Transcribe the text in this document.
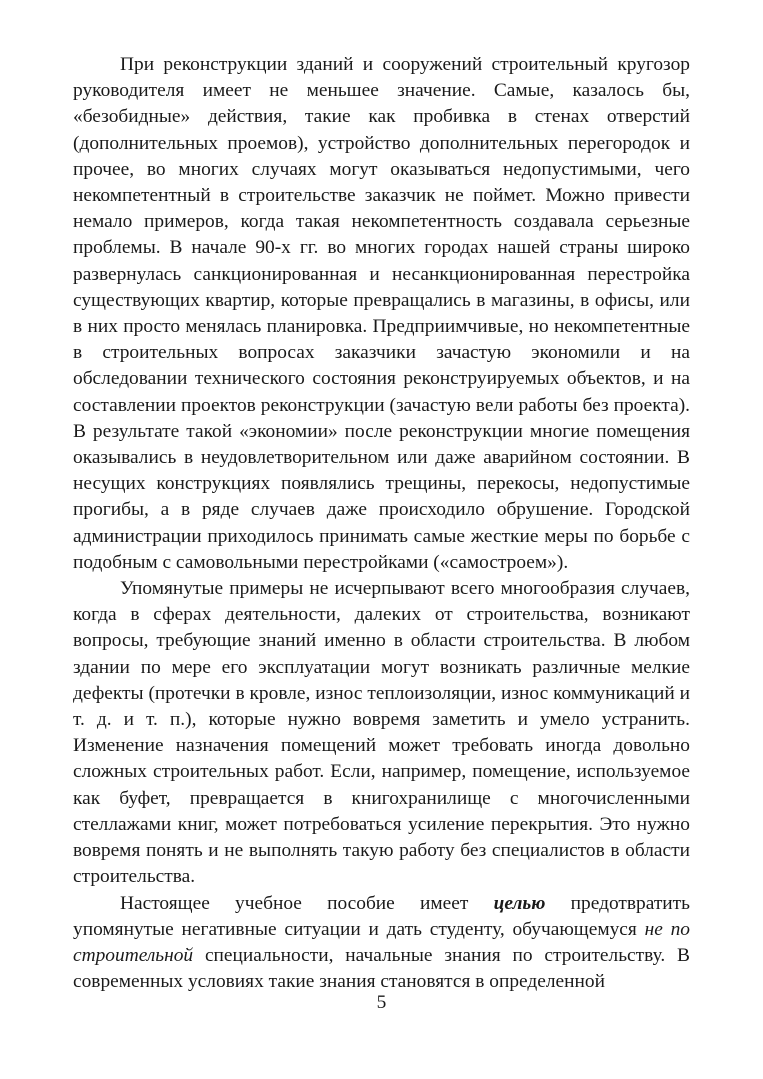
При реконструкции зданий и сооружений строительный кругозор руководителя имеет не меньшее значение. Самые, казалось бы, «безобидные» действия, такие как пробивка в стенах отверстий (дополнительных проемов), устройство дополнительных перегородок и прочее, во многих случаях могут оказываться недопустимыми, чего некомпетентный в строительстве заказчик не поймет. Можно привести немало примеров, когда такая некомпетентность создавала серьезные проблемы. В начале 90-х гг. во многих городах нашей страны широко развернулась санкционированная и несанкционированная перестройка существующих квартир, которые превращались в магазины, в офисы, или в них просто менялась планировка. Предприимчивые, но некомпетентные в строительных вопросах заказчики зачастую экономили и на обследовании технического состояния реконструируемых объектов, и на составлении проектов реконструкции (зачастую вели работы без проекта). В результате такой «экономии» после реконструкции многие помещения оказывались в неудовлетворительном или даже аварийном состоянии. В несущих конструкциях появлялись трещины, перекосы, недопустимые прогибы, а в ряде случаев даже происходило обрушение. Городской администрации приходилось принимать самые жесткие меры по борьбе с подобным с самовольными перестройками («самостроем»).

Упомянутые примеры не исчерпывают всего многообразия случаев, когда в сферах деятельности, далеких от строительства, возникают вопросы, требующие знаний именно в области строительства. В любом здании по мере его эксплуатации могут возникать различные мелкие дефекты (протечки в кровле, износ теплоизоляции, износ коммуникаций и т. д. и т. п.), которые нужно вовремя заметить и умело устранить. Изменение назначения помещений может требовать иногда довольно сложных строительных работ. Если, например, помещение, используемое как буфет, превращается в книгохранилище с многочисленными стеллажами книг, может потребоваться усиление перекрытия. Это нужно вовремя понять и не выполнять такую работу без специалистов в области строительства.

Настоящее учебное пособие имеет целью предотвратить упомянутые негативные ситуации и дать студенту, обучающемуся не по строительной специальности, начальные знания по строительству. В современных условиях такие знания становятся в определенной

5
